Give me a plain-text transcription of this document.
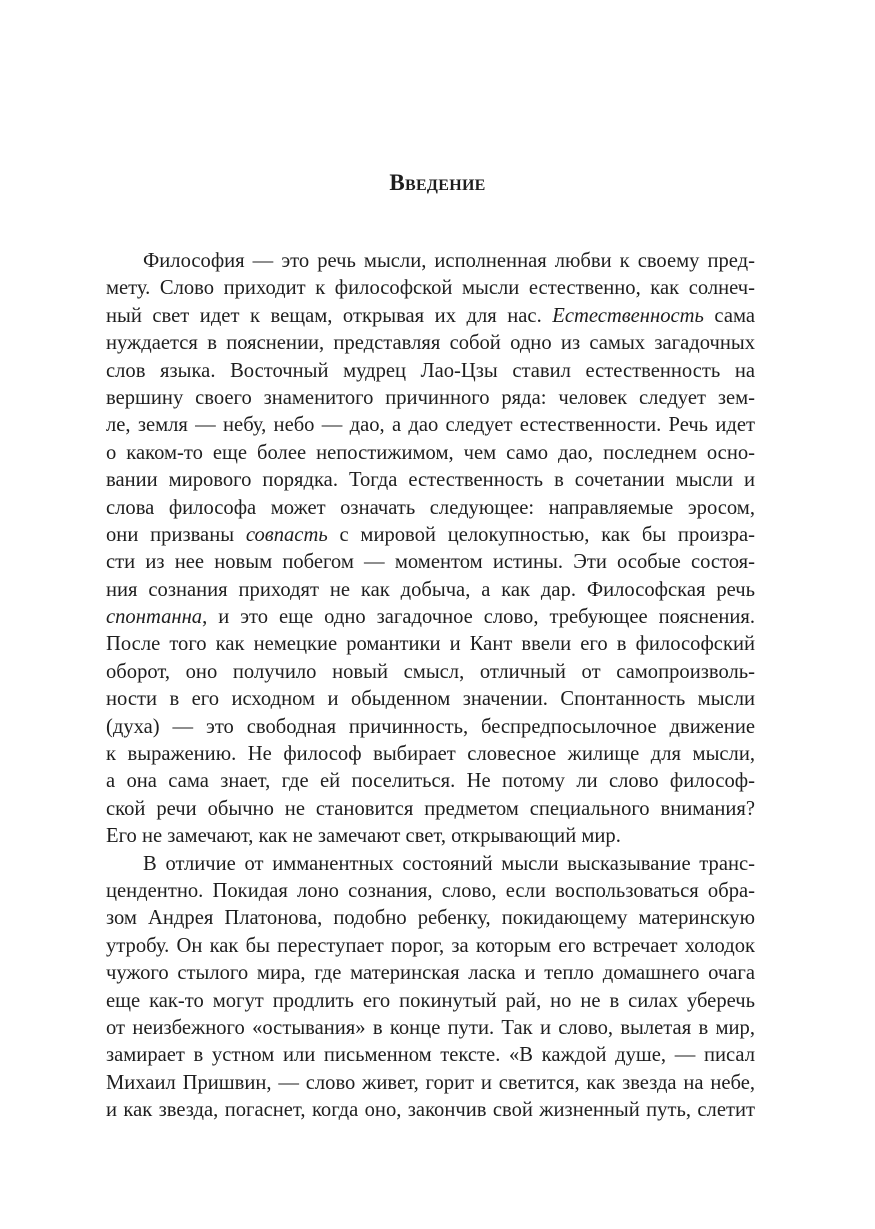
Введение
Философия — это речь мысли, исполненная любви к своему пред-
мету. Слово приходит к философской мысли естественно, как солнеч-
ный свет идет к вещам, открывая их для нас. Естественность сама
нуждается в пояснении, представляя собой одно из самых загадочных
слов языка. Восточный мудрец Лао-Цзы ставил естественность на
вершину своего знаменитого причинного ряда: человек следует зем-
ле, земля — небу, небо — дао, а дао следует естественности. Речь идет
о каком-то еще более непостижимом, чем само дао, последнем осно-
вании мирового порядка. Тогда естественность в сочетании мысли и
слова философа может означать следующее: направляемые эросом,
они призваны совпасть с мировой целокупностью, как бы произра-
сти из нее новым побегом — моментом истины. Эти особые состоя-
ния сознания приходят не как добыча, а как дар. Философская речь
спонтанна, и это еще одно загадочное слово, требующее пояснения.
После того как немецкие романтики и Кант ввели его в философский
оборот, оно получило новый смысл, отличный от самопроизволь-
ности в его исходном и обыденном значении. Спонтанность мысли
(духа) — это свободная причинность, беспредпосылочное движение
к выражению. Не философ выбирает словесное жилище для мысли,
а она сама знает, где ей поселиться. Не потому ли слово философ-
ской речи обычно не становится предметом специального внимания?
Его не замечают, как не замечают свет, открывающий мир.
В отличие от имманентных состояний мысли высказывание транс-
цендентно. Покидая лоно сознания, слово, если воспользоваться обра-
зом Андрея Платонова, подобно ребенку, покидающему материнскую
утробу. Он как бы переступает порог, за которым его встречает холодок
чужого стылого мира, где материнская ласка и тепло домашнего очага
еще как-то могут продлить его покинутый рай, но не в силах уберечь
от неизбежного «остывания» в конце пути. Так и слово, вылетая в мир,
замирает в устном или письменном тексте. «В каждой душе, — писал
Михаил Пришвин, — слово живет, горит и светится, как звезда на небе,
и как звезда, погаснет, когда оно, закончив свой жизненный путь, слетит
